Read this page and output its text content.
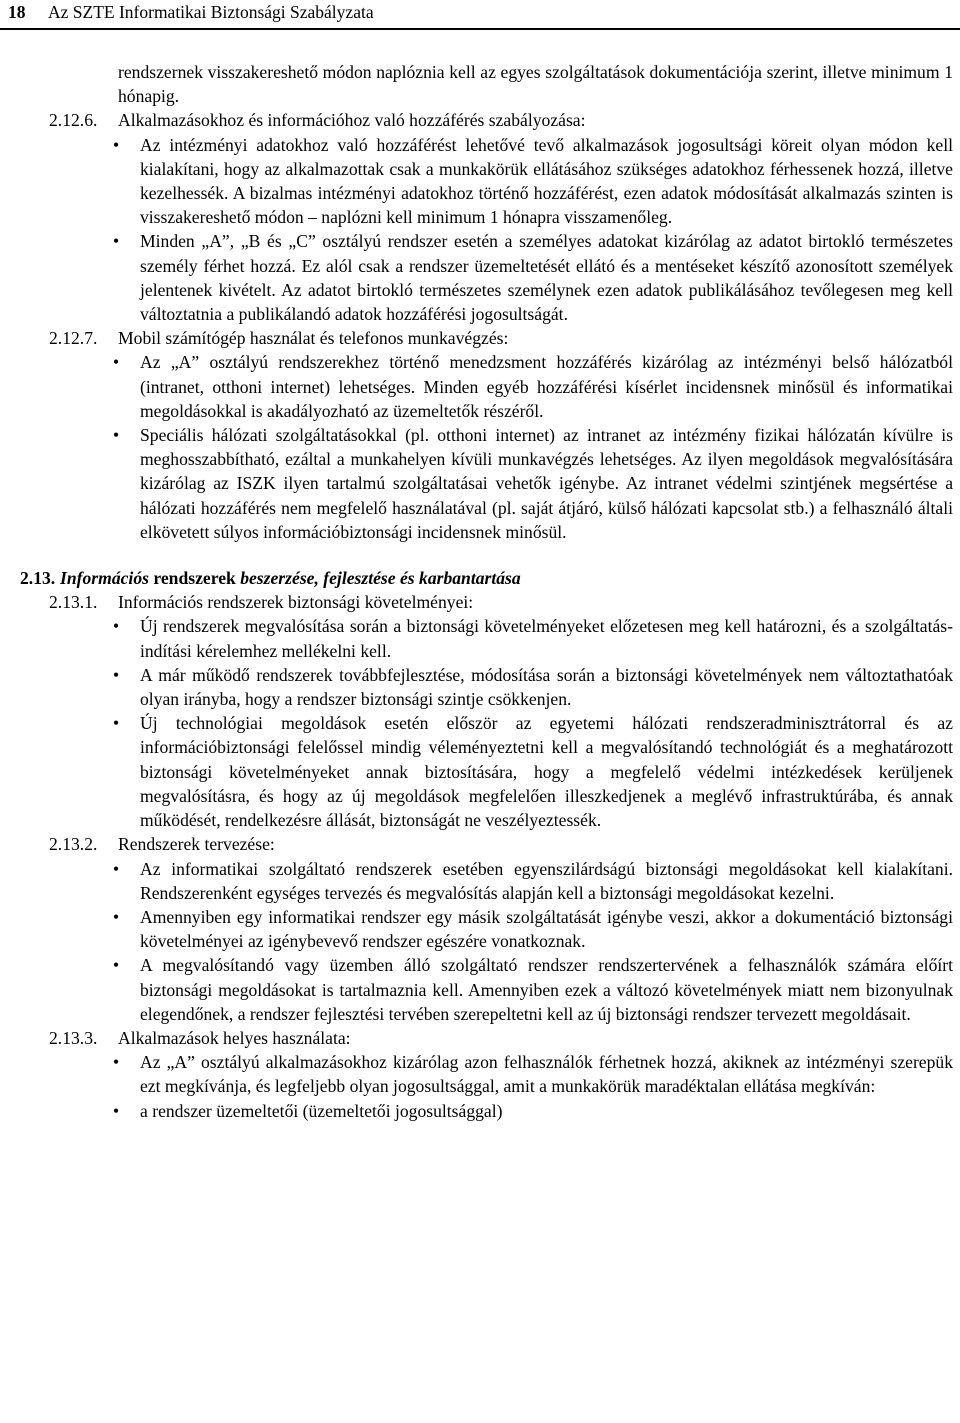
18 Az SZTE Informatikai Biztonsági Szabályzata
rendszernek visszakereshető módon naplóznia kell az egyes szolgáltatások dokumentációja szerint, illetve minimum 1 hónapig.
2.12.6. Alkalmazásokhoz és információhoz való hozzáférés szabályozása:
• Az intézményi adatokhoz való hozzáférést lehetővé tevő alkalmazások jogosultsági köreit olyan módon kell kialakítani, hogy az alkalmazottak csak a munkakörük ellátásához szükséges adatokhoz férhessenek hozzá, illetve kezelhessék. A bizalmas intézményi adatokhoz történő hozzáférést, ezen adatok módosítását alkalmazás szinten is visszakereshető módon – naplózni kell minimum 1 hónapra visszamenőleg.
• Minden „A”, „B és „C” osztályú rendszer esetén a személyes adatokat kizárólag az adatot birtokló természetes személy férhet hozzá. Ez alól csak a rendszer üzemeltetését ellátó és a mentéseket készítő azonosított személyek jelentenek kivételt. Az adatot birtokló természetes személynek ezen adatok publikálásához tevőlegesen meg kell változtatnia a publikálandó adatok hozzáférési jogosultságát.
2.12.7. Mobil számítógép használat és telefonos munkavégzés:
• Az „A” osztályú rendszerekhez történő menedzsment hozzáférés kizárólag az intézményi belső hálózatból (intranet, otthoni internet) lehetséges. Minden egyéb hozzáférési kísérlet incidensnek minősül és informatikai megoldásokkal is akadályozható az üzemeltetők részéről.
• Speciális hálózati szolgáltatásokkal (pl. otthoni internet) az intranet az intézmény fizikai hálózatán kívülre is meghosszabbítható, ezáltal a munkahelyen kívüli munkavégzés lehetséges. Az ilyen megoldások megvalósítására kizárólag az ISZK ilyen tartalmú szolgáltatásai vehetők igénybe. Az intranet védelmi szintjének megsértése a hálózati hozzáférés nem megfelelő használatával (pl. saját átjáró, külső hálózati kapcsolat stb.) a felhasználó általi elkövetett súlyos információbiztonsági incidensnek minősül.
2.13. Információs rendszerek beszerzése, fejlesztése és karbantartása
2.13.1. Információs rendszerek biztonsági követelményei:
• Új rendszerek megvalósítása során a biztonsági követelményeket előzetesen meg kell határozni, és a szolgáltatás-indítási kérelemhez mellékelni kell.
• A már működő rendszerek továbbfejlesztése, módosítása során a biztonsági követelmények nem változtathatóak olyan irányba, hogy a rendszer biztonsági szintje csökkenjen.
• Új technológiai megoldások esetén először az egyetemi hálózati rendszeradminisztrátorral és az információbiztonsági felelőssel mindig véleményeztetni kell a megvalósítandó technológiát és a meghatározott biztonsági követelményeket annak biztosítására, hogy a megfelelő védelmi intézkedések kerüljenek megvalósításra, és hogy az új megoldások megfelelően illeszkedjenek a meglévő infrastruktúrába, és annak működését, rendelkezésre állását, biztonságát ne veszélyeztessék.
2.13.2. Rendszerek tervezése:
• Az informatikai szolgáltató rendszerek esetében egyenszilárdságú biztonsági megoldásokat kell kialakítani. Rendszerenként egységes tervezés és megvalósítás alapján kell a biztonsági megoldásokat kezelni.
• Amennyiben egy informatikai rendszer egy másik szolgáltatását igénybe veszi, akkor a dokumentáció biztonsági követelményei az igénybevevő rendszer egészére vonatkoznak.
• A megvalósítandó vagy üzemben álló szolgáltató rendszer rendszertervének a felhasználók számára előírt biztonsági megoldásokat is tartalmaznia kell. Amennyiben ezek a változó követelmények miatt nem bizonyulnak elegendőnek, a rendszer fejlesztési tervében szerepeltetni kell az új biztonsági rendszer tervezett megoldásait.
2.13.3. Alkalmazások helyes használata:
• Az „A” osztályú alkalmazásokhoz kizárólag azon felhasználók férhetnek hozzá, akiknek az intézményi szerepük ezt megkívánja, és legfeljebb olyan jogosultsággal, amit a munkakörük maradéktalan ellátása megkíván:
• a rendszer üzemeltetői (üzemeltetői jogosultsággal)
